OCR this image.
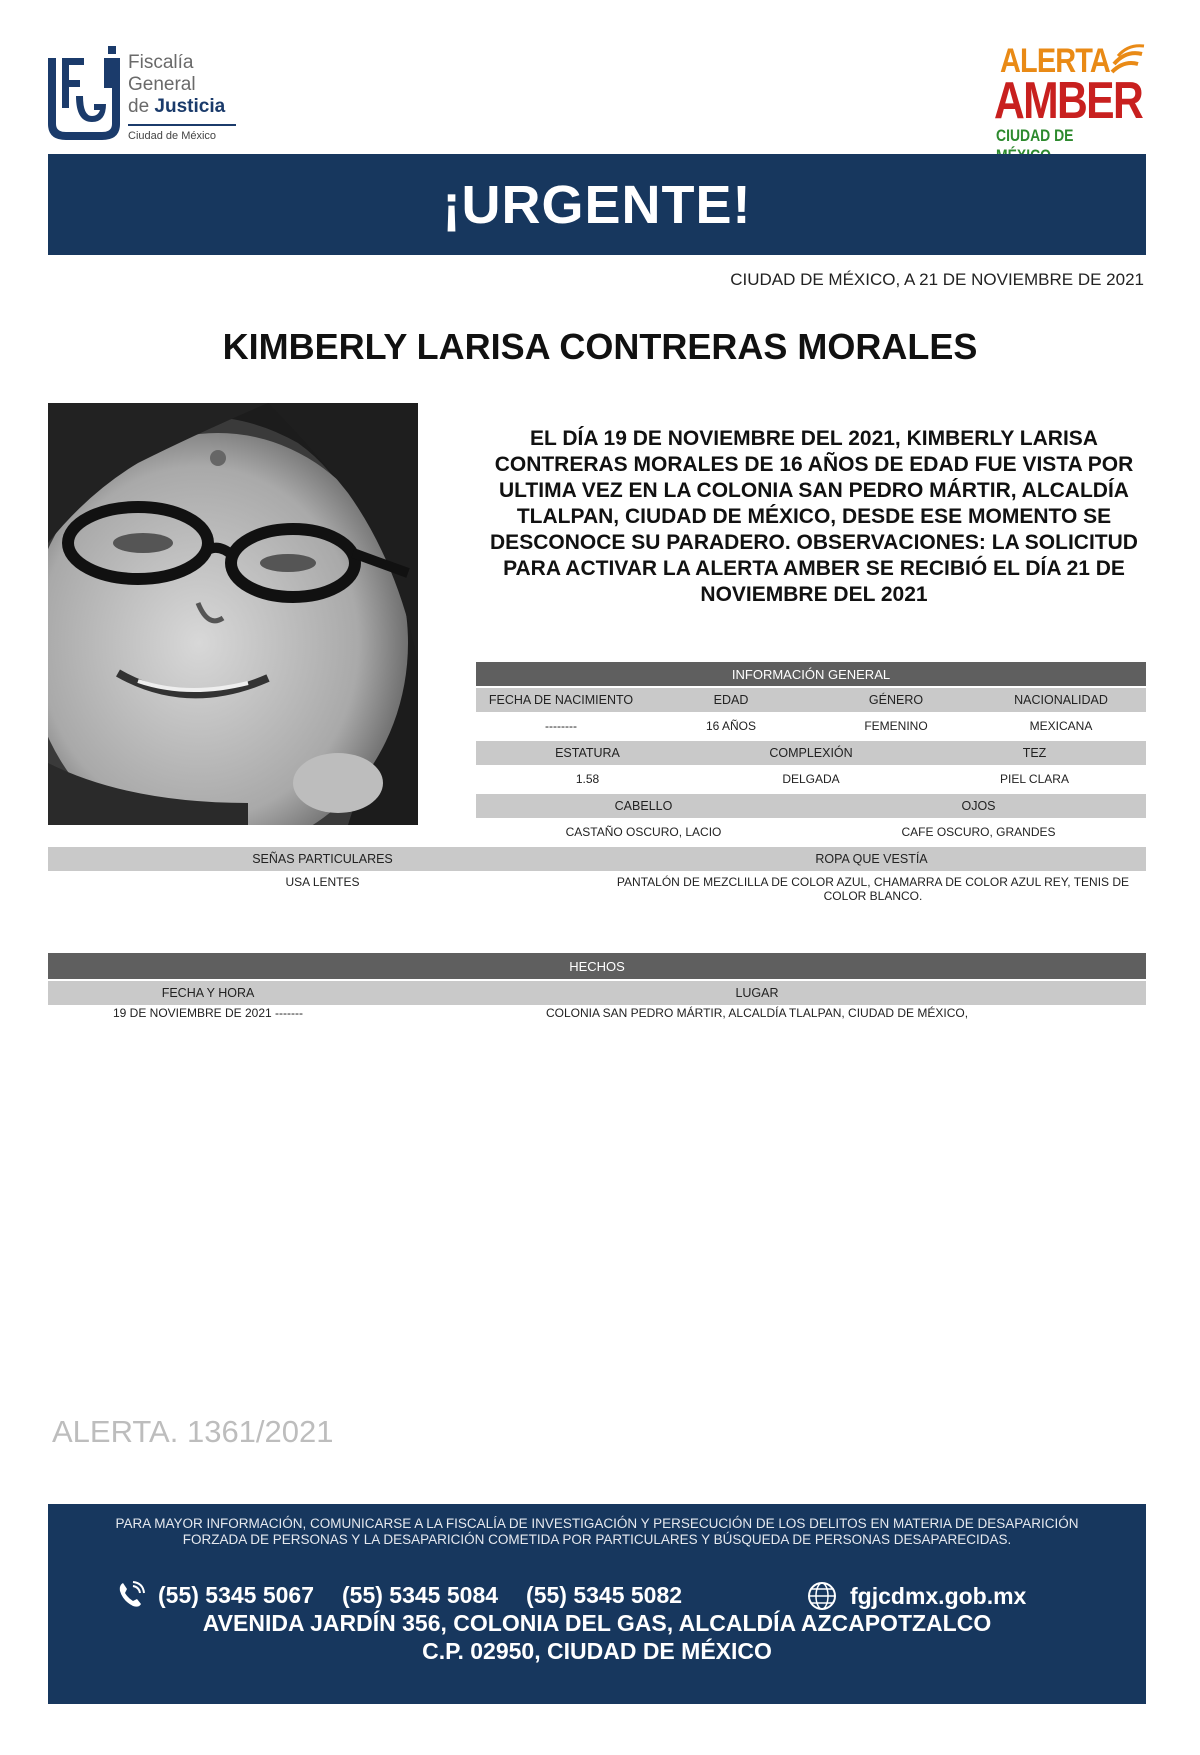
Fiscalía
General
de Justicia
Ciudad de México
ALERTA
AMBER
CIUDAD DE
¡URGENTE!
CIUDAD DE MÉXICO, A 21 DE NOVIEMBRE DE 2021
KIMBERLY LARISA CONTRERAS MORALES
EL DÍA 19 DE NOVIEMBRE DEL 2021, KIMBERLY LARISA CONTRERAS MORALES DE 16 AÑOS DE EDAD FUE VISTA POR ULTIMA VEZ EN LA COLONIA SAN PEDRO MÁRTIR, ALCALDÍA TLALPAN, CIUDAD DE MÉXICO, DESDE ESE MOMENTO SE DESCONOCE SU PARADERO. OBSERVACIONES: LA SOLICITUD PARA ACTIVAR LA ALERTA AMBER SE RECIBIÓ EL DÍA 21 DE NOVIEMBRE DEL 2021
INFORMACIÓN GENERAL
FECHA DE NACIMIENTO	EDAD	GÉNERO	NACIONALIDAD
--------	16 AÑOS	FEMENINO	MEXICANA
ESTATURA	COMPLEXIÓN	TEZ
1.58	DELGADA	PIEL CLARA
CABELLO	OJOS
CASTAÑO OSCURO, LACIO	CAFE OSCURO, GRANDES
SEÑAS PARTICULARES	ROPA QUE VESTÍA
USA LENTES	PANTALÓN DE MEZCLILLA DE COLOR AZUL, CHAMARRA DE COLOR AZUL REY, TENIS DE COLOR BLANCO.
HECHOS
FECHA Y HORA	LUGAR
19 DE NOVIEMBRE DE 2021 -------	COLONIA SAN PEDRO MÁRTIR, ALCALDÍA TLALPAN, CIUDAD DE MÉXICO,
ALERTA. 1361/2021
PARA MAYOR INFORMACIÓN, COMUNICARSE A LA FISCALÍA DE INVESTIGACIÓN Y PERSECUCIÓN DE LOS DELITOS EN MATERIA DE DESAPARICIÓN
FORZADA DE PERSONAS Y LA DESAPARICIÓN COMETIDA POR PARTICULARES Y BÚSQUEDA DE PERSONAS DESAPARECIDAS.
(55) 5345 5067 (55) 5345 5084 (55) 5345 5082	fgjcdmx.gob.mx
AVENIDA JARDÍN 356, COLONIA DEL GAS, ALCALDÍA AZCAPOTZALCO
C.P. 02950, CIUDAD DE MÉXICO
